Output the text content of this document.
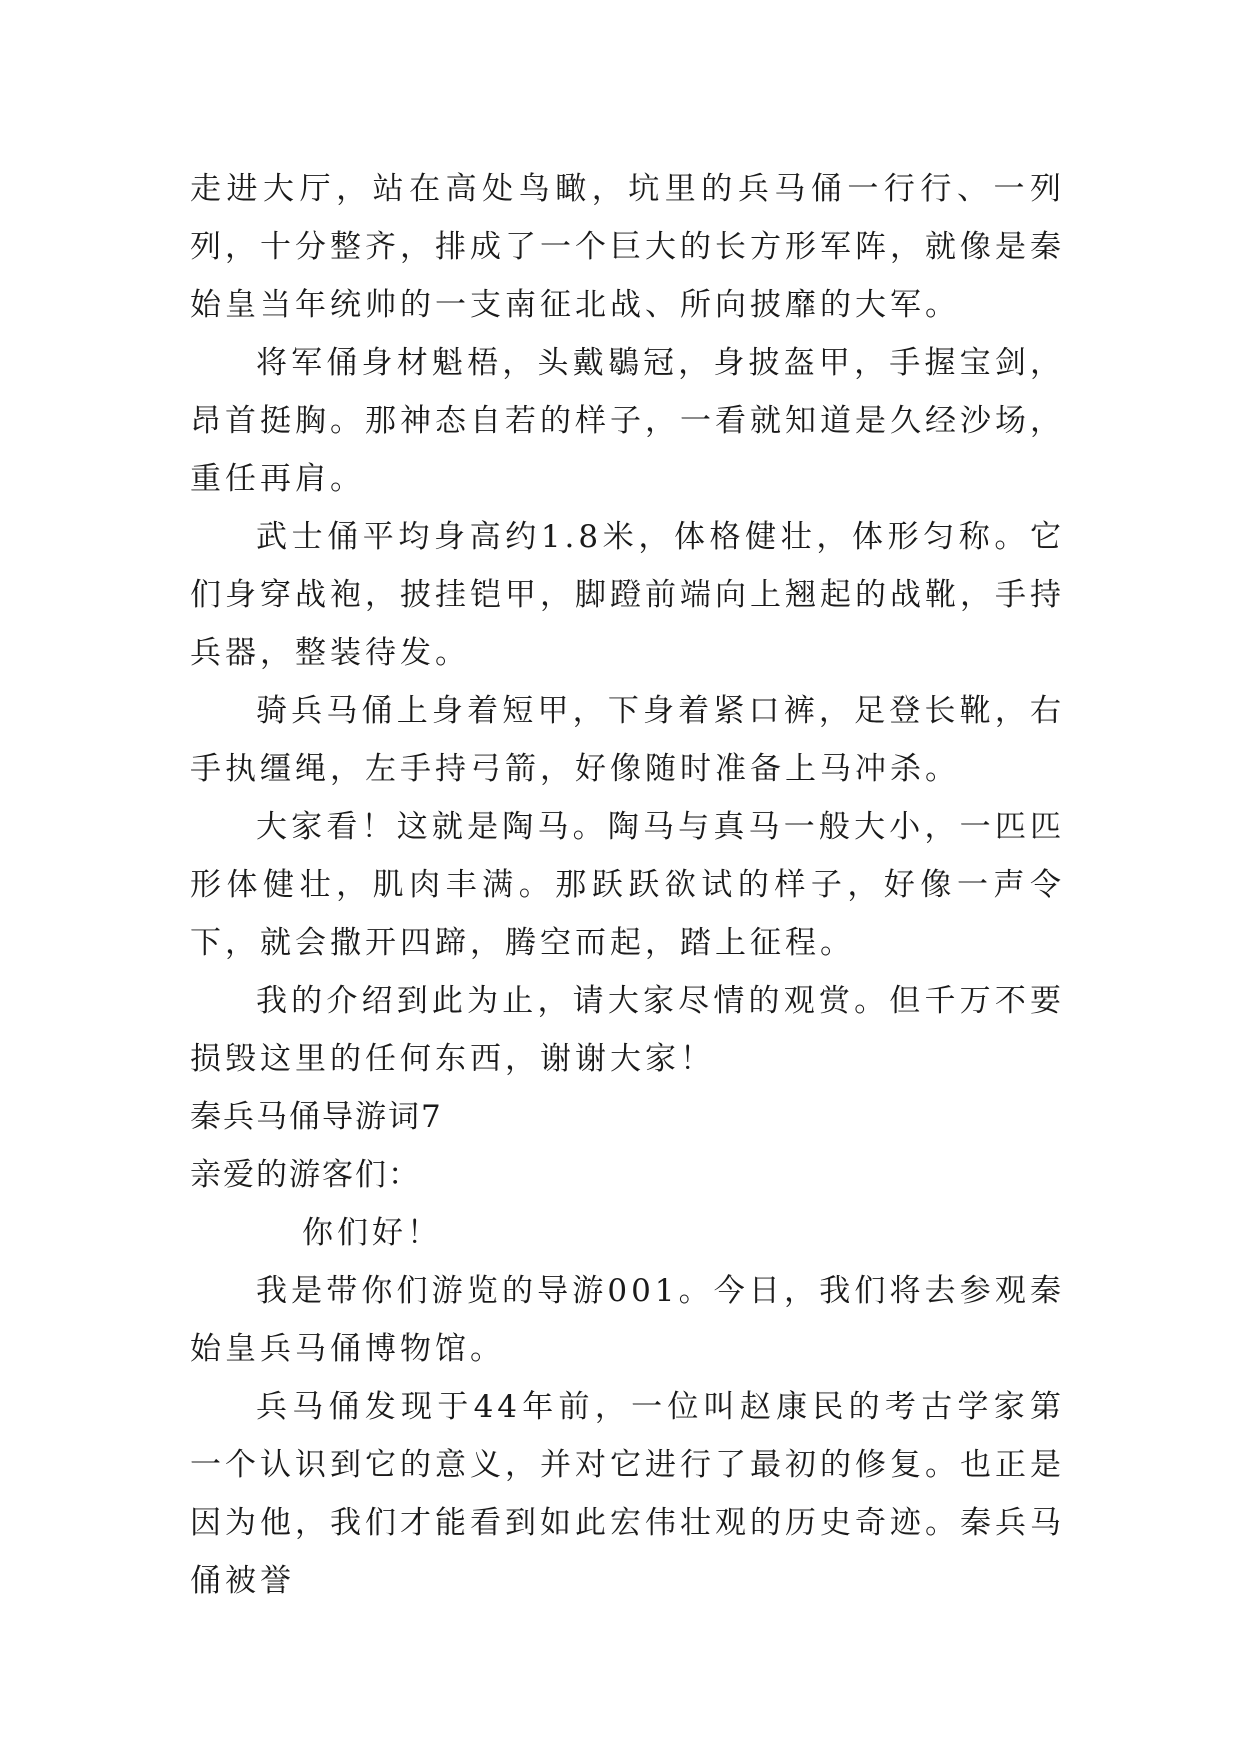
走进大厅，站在高处鸟瞰，坑里的兵马俑一行行、一列列，十分整齐，排成了一个巨大的长方形军阵，就像是秦始皇当年统帅的一支南征北战、所向披靡的大军。

将军俑身材魁梧，头戴鶡冠，身披盔甲，手握宝剑，昂首挺胸。那神态自若的样子，一看就知道是久经沙场，重任再肩。

武士俑平均身高约1.8米，体格健壮，体形匀称。它们身穿战袍，披挂铠甲，脚蹬前端向上翘起的战靴，手持兵器，整装待发。

骑兵马俑上身着短甲，下身着紧口裤，足登长靴，右手执缰绳，左手持弓箭，好像随时准备上马冲杀。

大家看！这就是陶马。陶马与真马一般大小，一匹匹形体健壮，肌肉丰满。那跃跃欲试的样子，好像一声令下，就会撒开四蹄，腾空而起，踏上征程。

我的介绍到此为止，请大家尽情的观赏。但千万不要损毁这里的任何东西，谢谢大家！

秦兵马俑导游词7

亲爱的游客们：

你们好！

我是带你们游览的导游001。今日，我们将去参观秦始皇兵马俑博物馆。

兵马俑发现于44年前，一位叫赵康民的考古学家第一个认识到它的意义，并对它进行了最初的修复。也正是因为他，我们才能看到如此宏伟壮观的历史奇迹。秦兵马俑被誉
